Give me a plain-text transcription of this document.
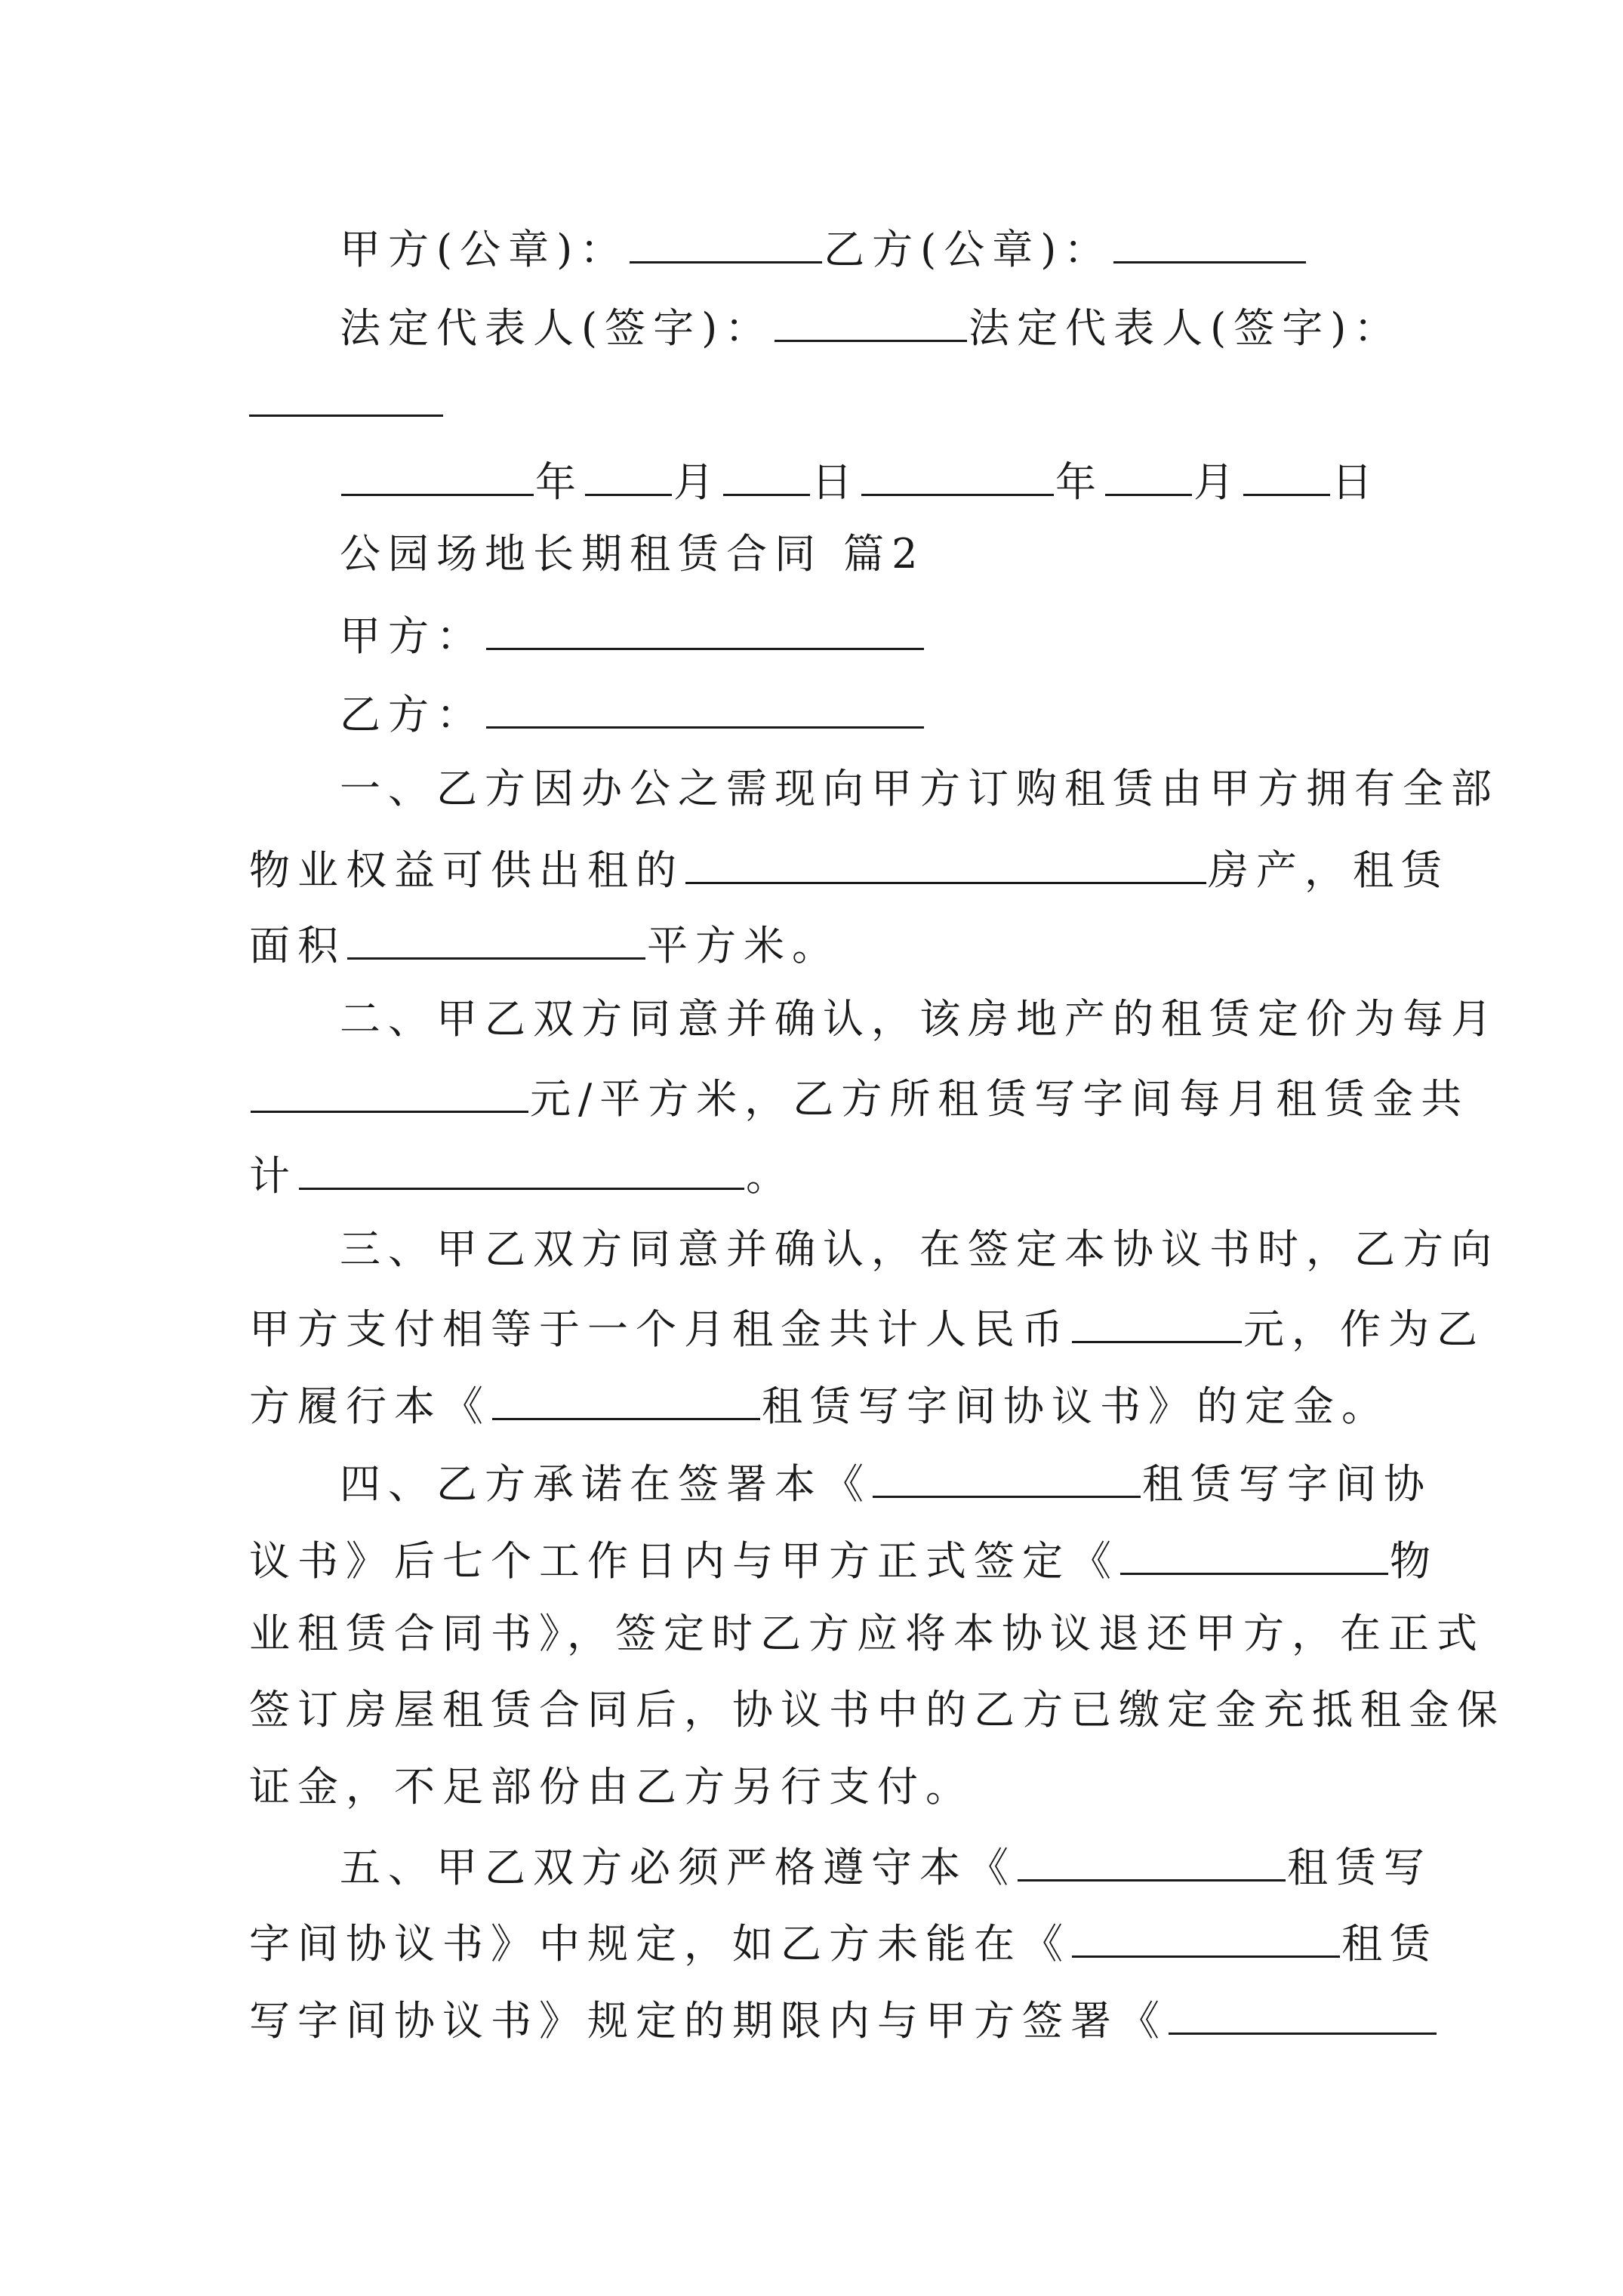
甲方(公章)：	乙方(公章)：
法定代表人(签字)：	法定代表人(签字)：
年 月 日	年 月 日
公园场地长期租赁合同 篇2
甲方：
乙方：
一、乙方因办公之需现向甲方订购租赁由甲方拥有全部
物业权益可供出租的	房产，租赁
面积	平方米。
二、甲乙双方同意并确认，该房地产的租赁定价为每月
元/平方米，乙方所租赁写字间每月租赁金共
计	。
三、甲乙双方同意并确认，在签定本协议书时，乙方向
甲方支付相等于一个月租金共计人民币	元，作为乙
方履行本《	租赁写字间协议书》的定金。
四、乙方承诺在签署本《	租赁写字间协
议书》后七个工作日内与甲方正式签定《	物
业租赁合同书》，签定时乙方应将本协议退还甲方，在正式
签订房屋租赁合同后，协议书中的乙方已缴定金充抵租金保
证金，不足部份由乙方另行支付。
五、甲乙双方必须严格遵守本《	租赁写
字间协议书》中规定，如乙方未能在《	租赁
写字间协议书》规定的期限内与甲方签署《
